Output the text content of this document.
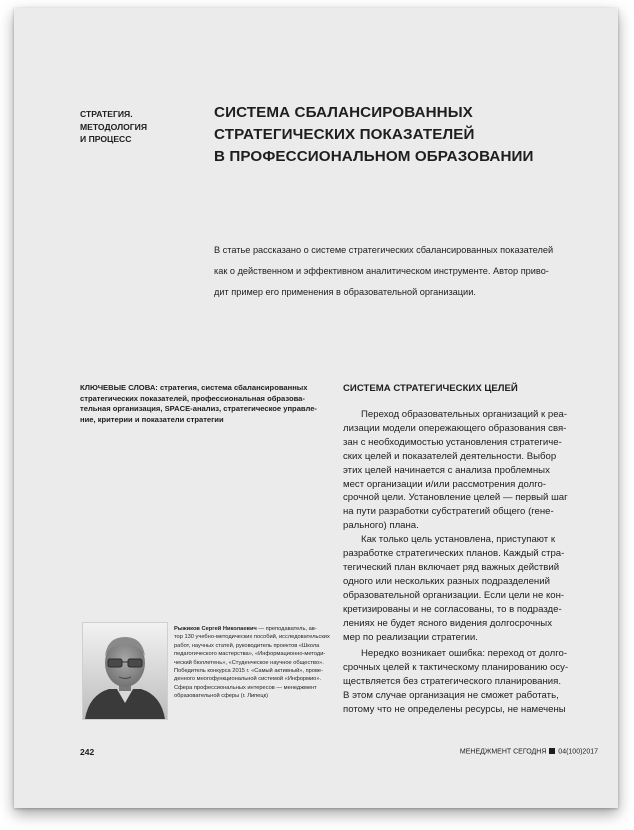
СТРАТЕГИЯ.
МЕТОДОЛОГИЯ
И ПРОЦЕСС
СИСТЕМА СБАЛАНСИРОВАННЫХ
СТРАТЕГИЧЕСКИХ ПОКАЗАТЕЛЕЙ
В ПРОФЕССИОНАЛЬНОМ ОБРАЗОВАНИИ
В статье рассказано о системе стратегических сбалансированных показателей
как о действенном и эффективном аналитическом инструменте. Автор приво-
дит пример его применения в образовательной организации.
КЛЮЧЕВЫЕ СЛОВА: стратегия, система сбалансированных
стратегических показателей, профессиональная образова-
тельная организация, SPACE-анализ, стратегическое управле-
ние, критерии и показатели стратегии
Рыжиков Сергей Николаевич — преподаватель, ав-
тор 130 учебно-методических пособий, исследовательских
работ, научных статей, руководитель проектов «Школа
педагогического мастерства», «Информационно-методи-
ческий бюллетень», «Студенческое научное общество».
Победитель конкурса 2015 г. «Самый активный», прове-
денного многофункциональной системой «Информио».
Сфера профессиональных интересов — менеджмент
образовательной сферы (г. Липецк)
СИСТЕМА СТРАТЕГИЧЕСКИХ ЦЕЛЕЙ
Переход образовательных организаций к реа-
лизации модели опережающего образования свя-
зан с необходимостью установления стратегиче-
ских целей и показателей деятельности. Выбор
этих целей начинается с анализа проблемных
мест организации и/или рассмотрения долго-
срочной цели. Установление целей — первый шаг
на пути разработки субстратегий общего (гене-
рального) плана.
Как только цель установлена, приступают к
разработке стратегических планов. Каждый стра-
тегический план включает ряд важных действий
одного или нескольких разных подразделений
образовательной организации. Если цели не кон-
кретизированы и не согласованы, то в подразде-
лениях не будет ясного видения долгосрочных
мер по реализации стратегии.
Нередко возникает ошибка: переход от долго-
срочных целей к тактическому планированию осу-
ществляется без стратегического планирования.
В этом случае организация не сможет работать,
потому что не определены ресурсы, не намечены
242	МЕНЕДЖМЕНТ СЕГОДНЯ 04(100)2017
